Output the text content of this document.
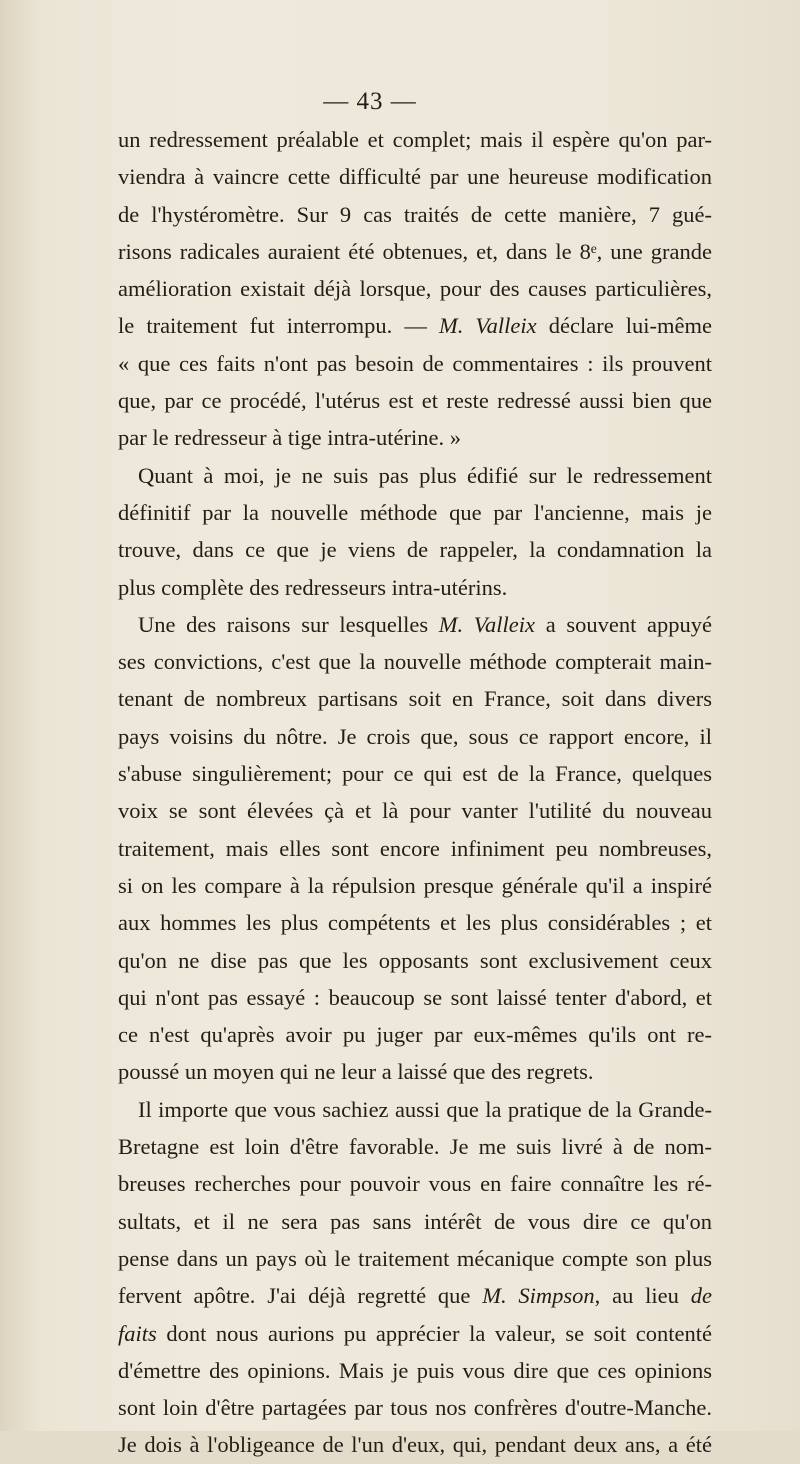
— 43 —
un redressement préalable et complet; mais il espère qu'on par-
viendra à vaincre cette difficulté par une heureuse modification
de l'hystéromètre. Sur 9 cas traités de cette manière, 7 gué-
risons radicales auraient été obtenues, et, dans le 8ᵉ, une grande
amélioration existait déjà lorsque, pour des causes particulières,
le traitement fut interrompu. — M. Valleix déclare lui-même
« que ces faits n'ont pas besoin de commentaires : ils prouvent
que, par ce procédé, l'utérus est et reste redressé aussi bien que
par le redresseur à tige intra-utérine. »
Quant à moi, je ne suis pas plus édifié sur le redressement
définitif par la nouvelle méthode que par l'ancienne, mais je
trouve, dans ce que je viens de rappeler, la condamnation la
plus complète des redresseurs intra-utérins.
Une des raisons sur lesquelles M. Valleix a souvent appuyé
ses convictions, c'est que la nouvelle méthode compterait main-
tenant de nombreux partisans soit en France, soit dans divers
pays voisins du nôtre. Je crois que, sous ce rapport encore, il
s'abuse singulièrement; pour ce qui est de la France, quelques
voix se sont élevées çà et là pour vanter l'utilité du nouveau
traitement, mais elles sont encore infiniment peu nombreuses,
si on les compare à la répulsion presque générale qu'il a inspiré
aux hommes les plus compétents et les plus considérables ; et
qu'on ne dise pas que les opposants sont exclusivement ceux
qui n'ont pas essayé : beaucoup se sont laissé tenter d'abord, et
ce n'est qu'après avoir pu juger par eux-mêmes qu'ils ont re-
poussé un moyen qui ne leur a laissé que des regrets.
Il importe que vous sachiez aussi que la pratique de la Grande-
Bretagne est loin d'être favorable. Je me suis livré à de nom-
breuses recherches pour pouvoir vous en faire connaître les ré-
sultats, et il ne sera pas sans intérêt de vous dire ce qu'on
pense dans un pays où le traitement mécanique compte son plus
fervent apôtre. J'ai déjà regretté que M. Simpson, au lieu de
faits dont nous aurions pu apprécier la valeur, se soit contenté
d'émettre des opinions. Mais je puis vous dire que ces opinions
sont loin d'être partagées par tous nos confrères d'outre-Manche.
Je dois à l'obligeance de l'un d'eux, qui, pendant deux ans, a été
